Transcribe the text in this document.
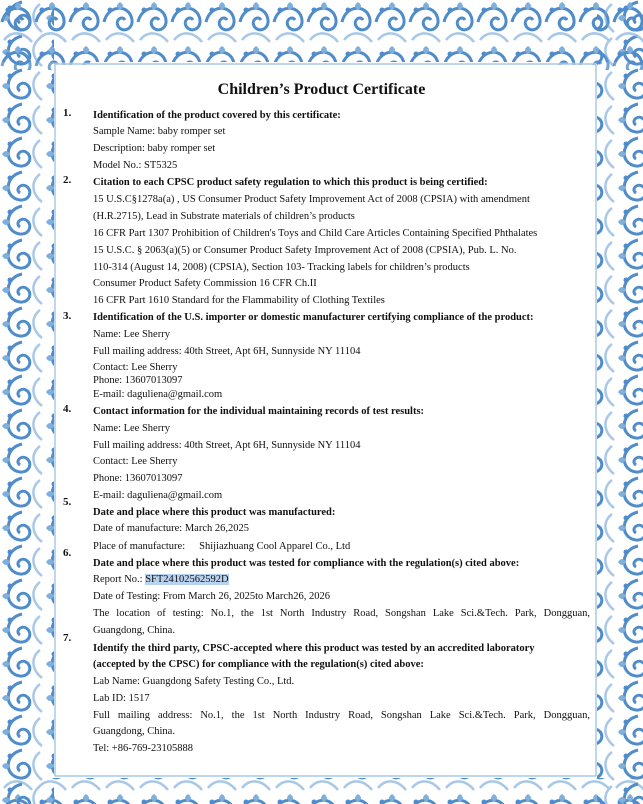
Children’s Product Certificate
1. Identification of the product covered by this certificate:
Sample Name: baby romper set
Description: baby romper set
Model No.: ST5325
2. Citation to each CPSC product safety regulation to which this product is being certified:
15 U.S.C§1278a(a) , US Consumer Product Safety Improvement Act of 2008 (CPSIA) with amendment
(H.R.2715), Lead in Substrate materials of children’s products
16 CFR Part 1307 Prohibition of Children's Toys and Child Care Articles Containing Specified Phthalates
15 U.S.C. § 2063(a)(5) or Consumer Product Safety Improvement Act of 2008 (CPSIA), Pub. L. No.
110-314 (August 14, 2008) (CPSIA), Section 103- Tracking labels for children’s products
Consumer Product Safety Commission 16 CFR Ch.II
16 CFR Part 1610 Standard for the Flammability of Clothing Textiles
3. Identification of the U.S. importer or domestic manufacturer certifying compliance of the product:
Name: Lee Sherry
Full mailing address: 40th Street, Apt 6H, Sunnyside NY 11104
Contact: Lee Sherry
Phone: 13607013097
E-mail: daguliena@gmail.com
4. Contact information for the individual maintaining records of test results:
Name: Lee Sherry
Full mailing address: 40th Street, Apt 6H, Sunnyside NY 11104
Contact: Lee Sherry
Phone: 13607013097
E-mail: daguliena@gmail.com
5.
Date and place where this product was manufactured:
Date of manufacture: March 26,2025
Place of manufacture: Shijiazhuang Cool Apparel Co., Ltd
6.
Date and place where this product was tested for compliance with the regulation(s) cited above:
Report No.: SFT24102562592D
Date of Testing: From March 26, 2025to March26, 2026
The location of testing: No.1, the 1st North Industry Road, Songshan Lake Sci.&Tech. Park, Dongguan,
Guangdong, China.
7.
Identify the third party, CPSC-accepted where this product was tested by an accredited laboratory
(accepted by the CPSC) for compliance with the regulation(s) cited above:
Lab Name: Guangdong Safety Testing Co., Ltd.
Lab ID: 1517
Full mailing address: No.1, the 1st North Industry Road, Songshan Lake Sci.&Tech. Park, Dongguan,
Guangdong, China.
Tel: +86-769-23105888
